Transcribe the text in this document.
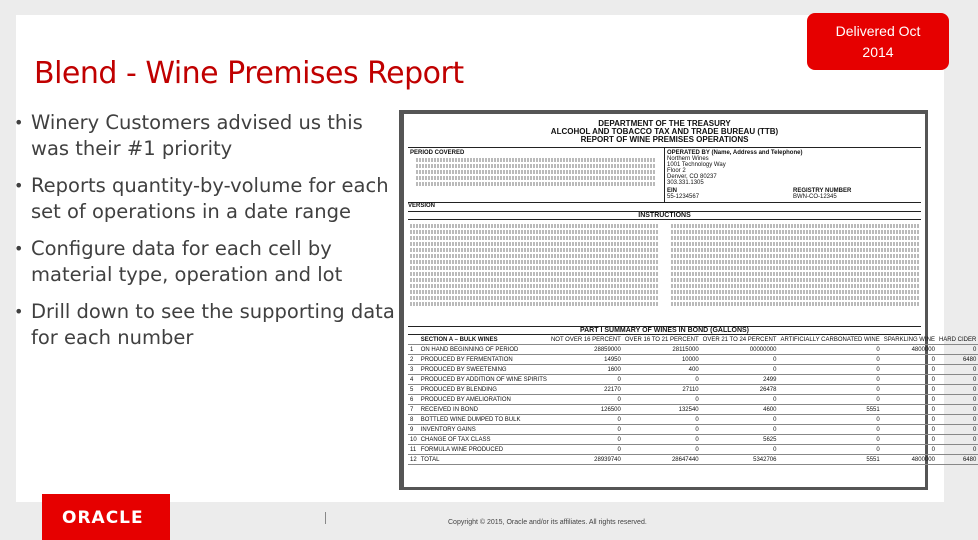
Blend - Wine Premises Report
Delivered Oct
2014
• Winery Customers advised us this was their #1 priority
• Reports quantity-by-volume for each set of operations in a date range
• Configure data for each cell by material type, operation and lot
• Drill down to see the supporting data for each number
DEPARTMENT OF THE TREASURY
ALCOHOL AND TOBACCO TAX AND TRADE BUREAU (TTB)
REPORT OF WINE PREMISES OPERATIONS
PERIOD COVERED	OPERATED BY (Name, Address and Telephone)
Northern Wines
1001 Technology Way
Floor 2
Denver, CO 80237
303.331.1305
EIN
55-1234567
REGISTRY NUMBER
BWN-CO-12345
VERSION
INSTRUCTIONS
PART I SUMMARY OF WINES IN BOND (GALLONS)
	SECTION A – BULK WINES	NOT OVER 16 PERCENT	OVER 16 TO 21 PERCENT	OVER 21 TO 24 PERCENT	ARTIFICIALLY CARBONATED WINE	SPARKLING WINE	HARD CIDER
1	ON HAND BEGINNING OF PERIOD	28859000	28115000	00000000	0	4800000	0
2	PRODUCED BY FERMENTATION	14950	10000	0	0	0	6480
3	PRODUCED BY SWEETENING	1600	400	0	0	0	0
4	PRODUCED BY ADDITION OF WINE SPIRITS	0	0	2499	0	0	0
5	PRODUCED BY BLENDING	22170	27110	26478	0	0	0
6	PRODUCED BY AMELIORATION	0	0	0	0	0	0
7	RECEIVED IN BOND	126500	132540	4600	5551	0	0
8	BOTTLED WINE DUMPED TO BULK	0	0	0	0	0	0
9	INVENTORY GAINS	0	0	0	0	0	0
10	CHANGE OF TAX CLASS	0	0	5625	0	0	0
11	FORMULA WINE PRODUCED	0	0	0	0	0	0
12	TOTAL	28939740	28647440	5342706	5551	4800000	6480
ORACLE	Copyright © 2015, Oracle and/or its affiliates. All rights reserved.
